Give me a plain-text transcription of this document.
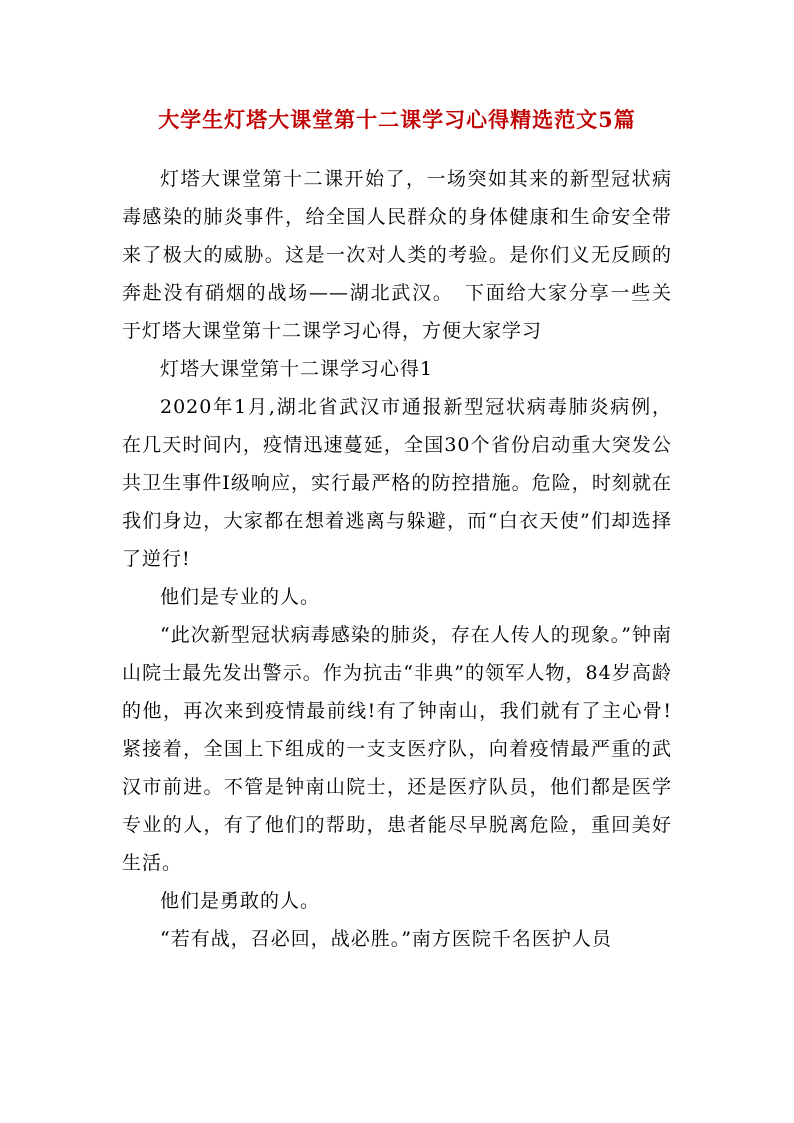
大学生灯塔大课堂第十二课学习心得精选范文5篇

灯塔大课堂第十二课开始了，一场突如其来的新型冠状病毒感染的肺炎事件，给全国人民群众的身体健康和生命安全带来了极大的威胁。这是一次对人类的考验。是你们义无反顾的奔赴没有硝烟的战场——湖北武汉。　下面给大家分享一些关于灯塔大课堂第十二课学习心得，方便大家学习

灯塔大课堂第十二课学习心得1

2020年1月,湖北省武汉市通报新型冠状病毒肺炎病例，在几天时间内，疫情迅速蔓延，全国30个省份启动重大突发公共卫生事件Ⅰ级响应，实行最严格的防控措施。危险，时刻就在我们身边，大家都在想着逃离与躲避，而“白衣天使”们却选择了逆行!

他们是专业的人。

“此次新型冠状病毒感染的肺炎，存在人传人的现象。”钟南山院士最先发出警示。作为抗击“非典”的领军人物，84岁高龄的他，再次来到疫情最前线!有了钟南山，我们就有了主心骨!紧接着，全国上下组成的一支支医疗队，向着疫情最严重的武汉市前进。不管是钟南山院士，还是医疗队员，他们都是医学专业的人，有了他们的帮助，患者能尽早脱离危险，重回美好生活。

他们是勇敢的人。

“若有战，召必回，战必胜。”南方医院千名医护人员
